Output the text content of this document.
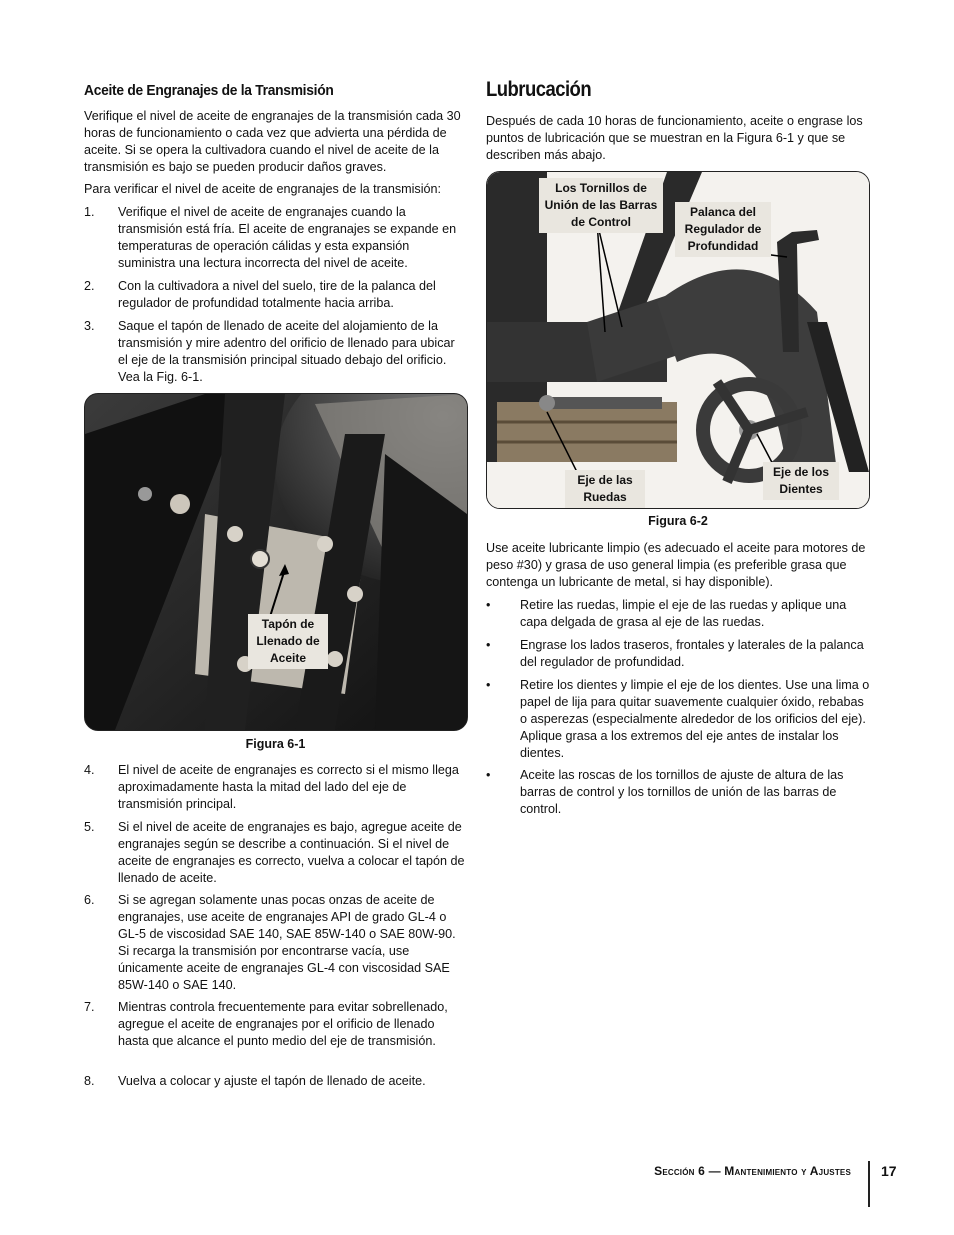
Aceite de Engranajes de la Transmisión

Verifique el nivel de aceite de engranajes de la transmisión cada 30 horas de funcionamiento o cada vez que advierta una pérdida de aceite. Si se opera la cultivadora cuando el nivel de aceite de la transmisión es bajo se pueden producir daños graves.

Para verificar el nivel de aceite de engranajes de la transmisión:

1.	Verifique el nivel de aceite de engranajes cuando la transmisión está fría. El aceite de engranajes se expande en temperaturas de operación cálidas y esta expansión suministra una lectura incorrecta del nivel de aceite.
2.	Con la cultivadora a nivel del suelo, tire de la palanca del regulador de profundidad totalmente hacia arriba.
3.	Saque el tapón de llenado de aceite del alojamiento de la transmisión y mire adentro del orificio de llenado para ubicar el eje de la transmisión principal situado debajo del orificio. Vea la Fig. 6-1.
Tapón de Llenado de Aceite
Figura 6-1
4.	El nivel de aceite de engranajes es correcto si el mismo llega aproximadamente hasta la mitad del lado del eje de transmisión principal.
5.	Si el nivel de aceite de engranajes es bajo, agregue aceite de engranajes según se describe a continuación. Si el nivel de aceite de engranajes es correcto, vuelva a colocar el tapón de llenado de aceite.
6.	Si se agregan solamente unas pocas onzas de aceite de engranajes, use aceite de engranajes API de grado GL-4 o GL-5 de viscosidad SAE 140, SAE 85W-140 o SAE 80W-90. Si recarga la transmisión por encontrarse vacía, use únicamente aceite de engranajes GL-4 con viscosidad SAE 85W-140 o SAE 140.
7.	Mientras controla frecuentemente para evitar sobrellenado, agregue el aceite de engranajes por el orificio de llenado hasta que alcance el punto medio del eje de transmisión.
8.	Vuelva a colocar y ajuste el tapón de llenado de aceite.
Lubrucación

Después de cada 10 horas de funcionamiento, aceite o engrase los puntos de lubricación que se muestran en la Figura 6-1 y que se describen más abajo.

Los Tornillos de Unión de las Barras de Control
Palanca del Regulador de Profundidad
Eje de las Ruedas
Eje de los Dientes
Figura 6-2

Use aceite lubricante limpio (es adecuado el aceite para motores de peso #30) y grasa de uso general limpia (es preferible grasa que contenga un lubricante de metal, si hay disponible).

•	Retire las ruedas, limpie el eje de las ruedas y aplique una capa delgada de grasa al eje de las ruedas.
•	Engrase los lados traseros, frontales y laterales de la palanca del regulador de profundidad.
•	Retire los dientes y limpie el eje de los dientes. Use una lima o papel de lija para quitar suavemente cualquier óxido, rebabas o asperezas (especialmente alrededor de los orificios del eje). Aplique grasa a los extremos del eje antes de instalar los dientes.
•	Aceite las roscas de los tornillos de ajuste de altura de las barras de control y los tornillos de unión de las barras de control.
Sección 6 — Mantenimiento y Ajustes 17
